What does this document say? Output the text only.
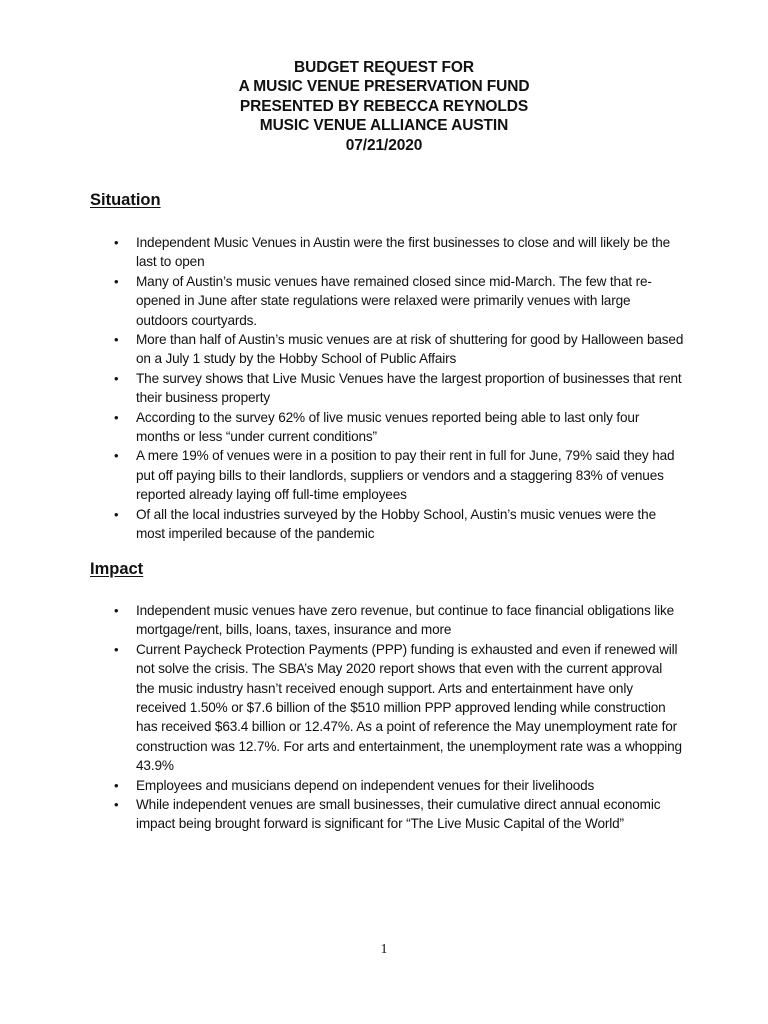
BUDGET REQUEST FOR
A MUSIC VENUE PRESERVATION FUND
PRESENTED BY REBECCA REYNOLDS
MUSIC VENUE ALLIANCE AUSTIN
07/21/2020
Situation
• Independent Music Venues in Austin were the first businesses to close and will likely be the last to open
• Many of Austin’s music venues have remained closed since mid-March. The few that re-opened in June after state regulations were relaxed were primarily venues with large outdoors courtyards.
• More than half of Austin’s music venues are at risk of shuttering for good by Halloween based on a July 1 study by the Hobby School of Public Affairs
• The survey shows that Live Music Venues have the largest proportion of businesses that rent their business property
• According to the survey 62% of live music venues reported being able to last only four months or less “under current conditions”
• A mere 19% of venues were in a position to pay their rent in full for June, 79% said they had put off paying bills to their landlords, suppliers or vendors and a staggering 83% of venues reported already laying off full-time employees
• Of all the local industries surveyed by the Hobby School, Austin’s music venues were the most imperiled because of the pandemic
Impact
• Independent music venues have zero revenue, but continue to face financial obligations like mortgage/rent, bills, loans, taxes, insurance and more
• Current Paycheck Protection Payments (PPP) funding is exhausted and even if renewed will not solve the crisis. The SBA’s May 2020 report shows that even with the current approval the music industry hasn’t received enough support. Arts and entertainment have only received 1.50% or $7.6 billion of the $510 million PPP approved lending while construction has received $63.4 billion or 12.47%. As a point of reference the May unemployment rate for construction was 12.7%. For arts and entertainment, the unemployment rate was a whopping 43.9%
• Employees and musicians depend on independent venues for their livelihoods
• While independent venues are small businesses, their cumulative direct annual economic impact being brought forward is significant for “The Live Music Capital of the World”
1
